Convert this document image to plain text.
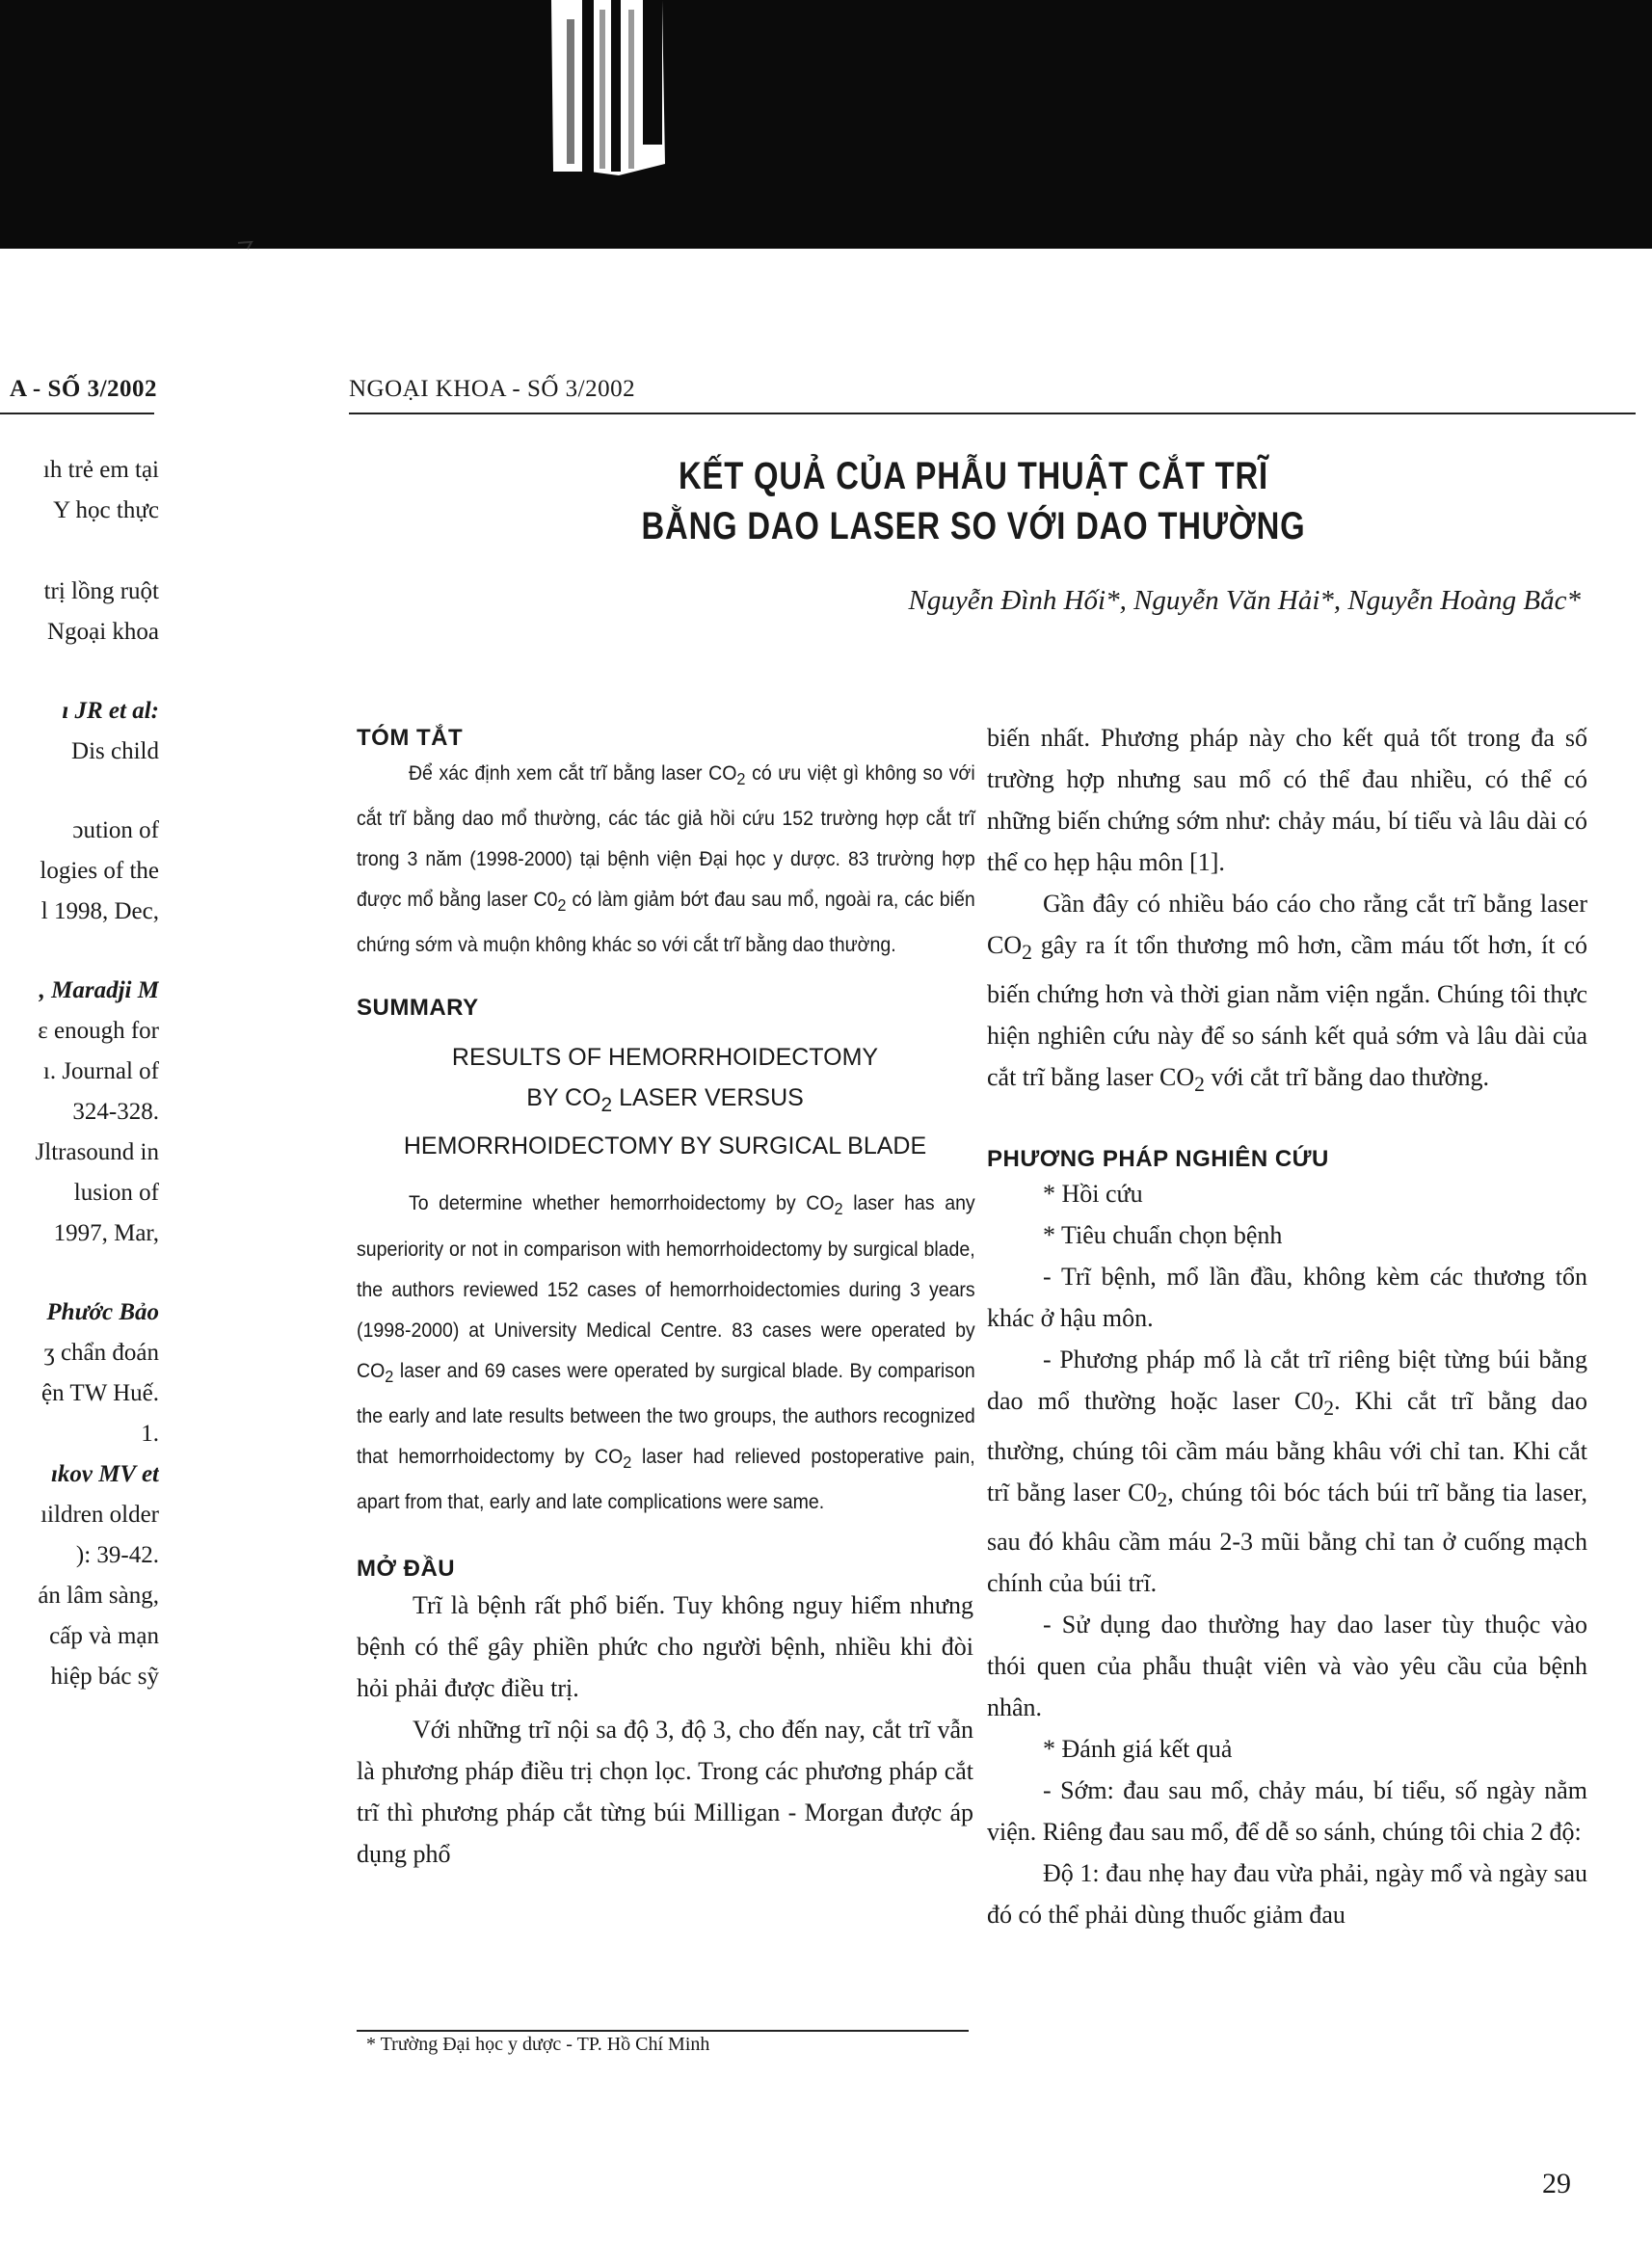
A - SỐ 3/2002	NGOẠI KHOA - SỐ 3/2002
ıh trẻ em tại
Y học thực
trị lồng ruột
Ngoại khoa
ı JR et al:
Dis child
ɔution of
logies of the
l 1998, Dec,
, Maradji M
ɛ enough for
ı. Journal of
324-328.
Jltrasound in
lusion of
1997, Mar,
Phước Bảo
ʒ chẩn đoán
ện TW Huế.
1.
ıkov MV et
ıildren older
): 39-42.
án lâm sàng,
cấp và mạn
hiệp bác sỹ
KẾT QUẢ CỦA PHẪU THUẬT CẮT TRĨ
BẰNG DAO LASER SO VỚI DAO THƯỜNG
Nguyễn Đình Hối*, Nguyễn Văn Hải*, Nguyễn Hoàng Bắc*
TÓM TẮT

Để xác định xem cắt trĩ bằng laser $CO_2$ có ưu việt gì không so với cắt trĩ bằng dao mổ thường, các tác giả hồi cứu 152 trường hợp cắt trĩ trong 3 năm (1998-2000) tại bệnh viện Đại học y dược. 83 trường hợp được mổ bằng laser $C0_2$ có làm giảm bớt đau sau mổ, ngoài ra, các biến chứng sớm và muộn không khác so với cắt trĩ bằng dao thường.

SUMMARY

RESULTS OF HEMORRHOIDECTOMY

BY $CO_2$ LASER VERSUS

HEMORRHOIDECTOMY BY SURGICAL BLADE

To determine whether hemorrhoidectomy by $CO_2$ laser has any superiority or not in comparison with hemorrhoidectomy by surgical blade, the authors reviewed 152 cases of hemorrhoidectomies during 3 years (1998-2000) at University Medical Centre. 83 cases were operated by $CO_2$ laser and 69 cases were operated by surgical blade. By comparison the early and late results between the two groups, the authors recognized that hemorrhoidectomy by $CO_2$ laser had relieved postoperative pain, apart from that, early and late complications were same.

MỞ ĐẦU

Trĩ là bệnh rất phổ biến. Tuy không nguy hiểm nhưng bệnh có thể gây phiền phức cho người bệnh, nhiều khi đòi hỏi phải được điều trị.

Với những trĩ nội sa độ 3, độ 3, cho đến nay, cắt trĩ vẫn là phương pháp điều trị chọn lọc. Trong các phương pháp cắt trĩ thì phương pháp cắt từng búi Milligan - Morgan được áp dụng phổ

biến nhất. Phương pháp này cho kết quả tốt trong đa số trường hợp nhưng sau mổ có thể đau nhiều, có thể có những biến chứng sớm như: chảy máu, bí tiểu và lâu dài có thể co hẹp hậu môn [1].

Gần đây có nhiều báo cáo cho rằng cắt trĩ bằng laser $CO_2$ gây ra ít tổn thương mô hơn, cầm máu tốt hơn, ít có biến chứng hơn và thời gian nằm viện ngắn. Chúng tôi thực hiện nghiên cứu này để so sánh kết quả sớm và lâu dài của cắt trĩ bằng laser $CO_2$ với cắt trĩ bằng dao thường.

PHƯƠNG PHÁP NGHIÊN CỨU

* Hồi cứu

* Tiêu chuẩn chọn bệnh

- Trĩ bệnh, mổ lần đầu, không kèm các thương tổn khác ở hậu môn.

- Phương pháp mổ là cắt trĩ riêng biệt từng búi bằng dao mổ thường hoặc laser $C0_2$. Khi cắt trĩ bằng dao thường, chúng tôi cầm máu bằng khâu với chỉ tan. Khi cắt trĩ bằng laser $C0_2$, chúng tôi bóc tách búi trĩ bằng tia laser, sau đó khâu cầm máu 2-3 mũi bằng chỉ tan ở cuống mạch chính của búi trĩ.

- Sử dụng dao thường hay dao laser tùy thuộc vào thói quen của phẫu thuật viên và vào yêu cầu của bệnh nhân.

* Đánh giá kết quả

- Sớm: đau sau mổ, chảy máu, bí tiểu, số ngày nằm viện. Riêng đau sau mổ, để dễ so sánh, chúng tôi chia 2 độ:

Độ 1: đau nhẹ hay đau vừa phải, ngày mổ và ngày sau đó có thể phải dùng thuốc giảm đau

* Trường Đại học y dược - TP. Hồ Chí Minh
29
